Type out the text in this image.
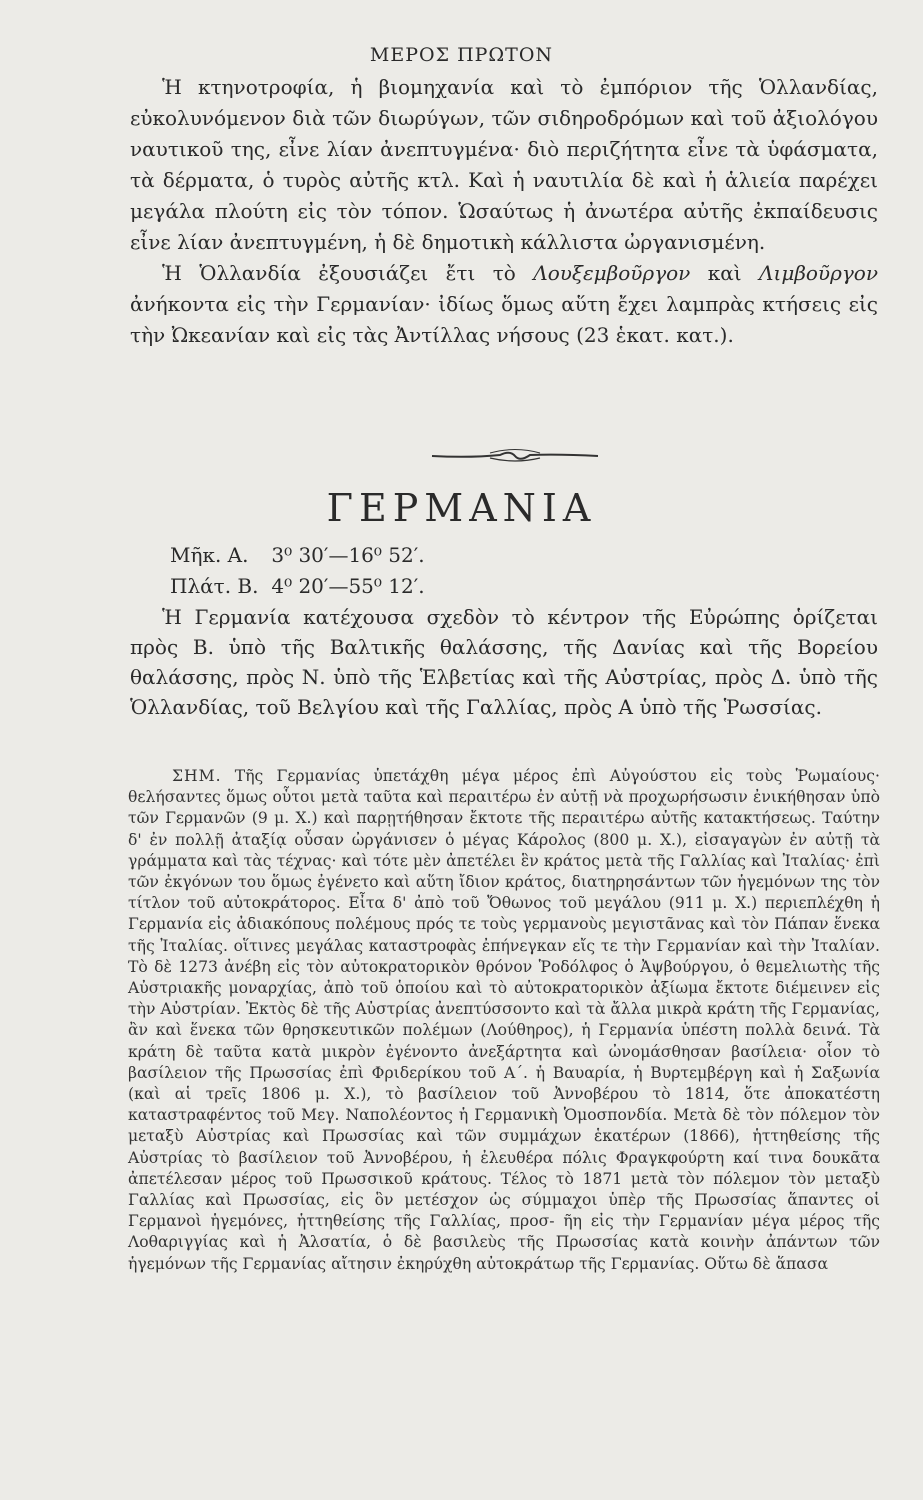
ΜΕΡΟΣ ΠΡΩΤΟΝ

Ἡ κτηνοτροφία, ἡ βιομηχανία καὶ τὸ ἐμπόριον τῆς Ὁλλανδίας, εὐκολυνόμενον διὰ τῶν διωρύγων, τῶν σιδηροδρόμων καὶ τοῦ ἀξιολόγου ναυτικοῦ της, εἶνε λίαν ἀνεπτυγμένα· διὸ περιζήτητα εἶνε τὰ ὑφάσματα, τὰ δέρματα, ὁ τυρὸς αὐτῆς κτλ. Καὶ ἡ ναυτιλία δὲ καὶ ἡ ἁλιεία παρέχει μεγάλα πλούτη εἰς τὸν τόπον. Ὡσαύτως ἡ ἀνωτέρα αὐτῆς ἐκπαίδευσις εἶνε λίαν ἀνεπτυγμένη, ἡ δὲ δημοτικὴ κάλλιστα ὠργανισμένη.

Ἡ Ὁλλανδία ἐξουσιάζει ἔτι τὸ Λουξεμβοῦργον καὶ Λιμβοῦργον ἀνήκοντα εἰς τὴν Γερμανίαν· ἰδίως ὅμως αὕτη ἔχει λαμπρὰς κτήσεις εἰς τὴν Ὠκεανίαν καὶ εἰς τὰς Ἀντίλλας νήσους (23 ἑκατ. κατ.).

ΓΕΡΜΑΝΙΑ
Μῆκ. Α. 3⁰ 30′—16⁰ 52′.
Πλάτ. Β. 4⁰ 20′—55⁰ 12′.

Ἡ Γερμανία κατέχουσα σχεδὸν τὸ κέντρον τῆς Εὐρώπης ὁρίζεται πρὸς Β. ὑπὸ τῆς Βαλτικῆς θαλάσσης, τῆς Δανίας καὶ τῆς Βορείου θαλάσσης, πρὸς Ν. ὑπὸ τῆς Ἑλβετίας καὶ τῆς Αὐστρίας, πρὸς Δ. ὑπὸ τῆς Ὁλλανδίας, τοῦ Βελγίου καὶ τῆς Γαλλίας, πρὸς Α ὑπὸ τῆς Ῥωσσίας.

ΣΗΜ. Τῆς Γερμανίας ὑπετάχθη μέγα μέρος ἐπὶ Αὐγούστου εἰς τοὺς Ῥωμαίους· θελήσαντες ὅμως οὗτοι μετὰ ταῦτα καὶ περαιτέρω ἐν αὐτῇ νὰ προχωρήσωσιν ἐνικήθησαν ὑπὸ τῶν Γερμανῶν (9 μ. Χ.) καὶ παρῃτήθησαν ἔκτοτε τῆς περαιτέρω αὐτῆς κατακτήσεως. Ταύτην δ' ἐν πολλῇ ἀταξίᾳ οὖσαν ὠργάνισεν ὁ μέγας Κάρολος (800 μ. Χ.), εἰσαγαγὼν ἐν αὐτῇ τὰ γράμματα καὶ τὰς τέχνας· καὶ τότε μὲν ἀπετέλει ἓν κράτος μετὰ τῆς Γαλλίας καὶ Ἰταλίας· ἐπὶ τῶν ἐκγόνων του ὅμως ἐγένετο καὶ αὕτη ἴδιον κράτος, διατηρησάντων τῶν ἡγεμόνων της τὸν τίτλον τοῦ αὐτοκράτορος. Εἶτα δ' ἀπὸ τοῦ Ὄθωνος τοῦ μεγάλου (911 μ. Χ.) περιεπλέχθη ἡ Γερμανία εἰς ἀδιακόπους πολέμους πρός τε τοὺς γερμανοὺς μεγιστᾶνας καὶ τὸν Πάπαν ἕνεκα τῆς Ἰταλίας. οἵτινες μεγάλας καταστροφὰς ἐπήνεγκαν εἴς τε τὴν Γερμανίαν καὶ τὴν Ἰταλίαν. Τὸ δὲ 1273 ἀνέβη εἰς τὸν αὐτοκρατορικὸν θρόνον Ῥοδόλφος ὁ Ἀψβούργου, ὁ θεμελιωτὴς τῆς Αὐστριακῆς μοναρχίας, ἀπὸ τοῦ ὁποίου καὶ τὸ αὐτοκρατορικὸν ἀξίωμα ἔκτοτε διέμεινεν εἰς τὴν Αὐστρίαν. Ἐκτὸς δὲ τῆς Αὐστρίας ἀνεπτύσσοντο καὶ τὰ ἄλλα μικρὰ κράτη τῆς Γερμανίας, ἂν καὶ ἕνεκα τῶν θρησκευτικῶν πολέμων (Λούθηρος), ἡ Γερμανία ὑπέστη πολλὰ δεινά. Τὰ κράτη δὲ ταῦτα κατὰ μικρὸν ἐγένοντο ἀνεξάρτητα καὶ ὠνομάσθησαν βασίλεια· οἷον τὸ βασίλειον τῆς Πρωσσίας ἐπὶ Φριδερίκου τοῦ Α΄. ἡ Βαυαρία, ἡ Βυρτεμβέργη καὶ ἡ Σαξωνία (καὶ αἱ τρεῖς 1806 μ. Χ.), τὸ βασίλειον τοῦ Ἀννοβέρου τὸ 1814, ὅτε ἀποκατέστη καταστραφέντος τοῦ Μεγ. Ναπολέοντος ἡ Γερμανικὴ Ὁμοσπονδία. Μετὰ δὲ τὸν πόλεμον τὸν μεταξὺ Αὐστρίας καὶ Πρωσσίας καὶ τῶν συμμάχων ἑκατέρων (1866), ἡττηθείσης τῆς Αὐστρίας τὸ βασίλειον τοῦ Ἀννοβέρου, ἡ ἐλευθέρα πόλις Φραγκφούρτη καί τινα δουκᾶτα ἀπετέλεσαν μέρος τοῦ Πρωσσικοῦ κράτους. Τέλος τὸ 1871 μετὰ τὸν πόλεμον τὸν μεταξὺ Γαλλίας καὶ Πρωσσίας, εἰς ὃν μετέσχον ὡς σύμμαχοι ὑπὲρ τῆς Πρωσσίας ἅπαντες οἱ Γερμανοὶ ἡγεμόνες, ἡττηθείσης τῆς Γαλλίας, προσ- ῆη εἰς τὴν Γερμανίαν μέγα μέρος τῆς Λοθαριγγίας καὶ ἡ Ἀλσατία, ὁ δὲ βασιλεὺς τῆς Πρωσσίας κατὰ κοινὴν ἀπάντων τῶν ἡγεμόνων τῆς Γερμανίας αἴτησιν ἐκηρύχθη αὐτοκράτωρ τῆς Γερμανίας. Οὕτω δὲ ἅπασα
